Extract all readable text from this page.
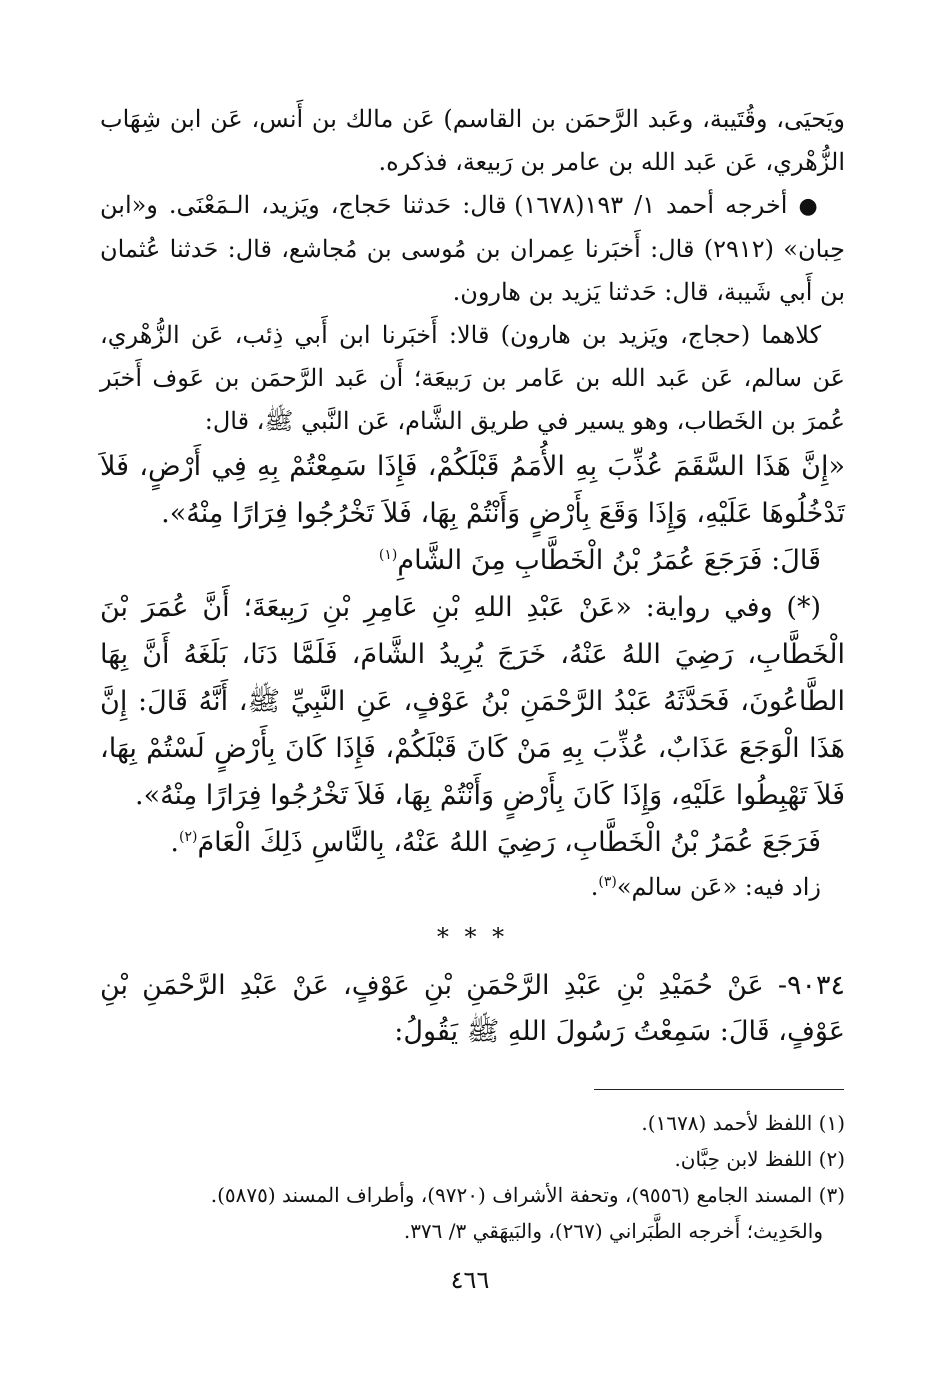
ويَحيَى، وقُتَيبة، وعَبد الرَّحمَن بن القاسم) عَن مالك بن أَنس، عَن ابن شِهَاب الزُّهْري، عَن عَبد الله بن عامر بن رَبيعة، فذكره.

● أخرجه أحمد ١/ ١٩٣(١٦٧٨) قال: حَدثنا حَجاج، ويَزيد، الـمَعْنَى. و«ابن حِبان» (٢٩١٢) قال: أَخبَرنا عِمران بن مُوسى بن مُجاشع، قال: حَدثنا عُثمان بن أَبي شَيبة، قال: حَدثنا يَزيد بن هارون.

كلاهما (حجاج، ويَزيد بن هارون) قالا: أَخبَرنا ابن أَبي ذِئب، عَن الزُّهْري، عَن سالم، عَن عَبد الله بن عَامر بن رَبيعَة؛ أَن عَبد الرَّحمَن بن عَوف أَخبَر عُمرَ بن الخَطاب، وهو يسير في طريق الشَّام، عَن النَّبي ﷺ، قال:

«إِنَّ هَذَا السَّقَمَ عُذِّبَ بِهِ الأُمَمُ قَبْلَكُمْ، فَإِذَا سَمِعْتُمْ بِهِ فِي أَرْضٍ، فَلاَ تَدْخُلُوهَا عَلَيْهِ، وَإِذَا وَقَعَ بِأَرْضٍ وَأَنْتُمْ بِهَا، فَلاَ تَخْرُجُوا فِرَارًا مِنْهُ».

قَالَ: فَرَجَعَ عُمَرُ بْنُ الْخَطَّابِ مِنَ الشَّامِ$^{(١)}$

(*) وفي رواية: «عَنْ عَبْدِ اللهِ بْنِ عَامِرِ بْنِ رَبِيعَةَ؛ أَنَّ عُمَرَ بْنَ الْخَطَّابِ، رَضِيَ اللهُ عَنْهُ، خَرَجَ يُرِيدُ الشَّامَ، فَلَمَّا دَنَا، بَلَغَهُ أَنَّ بِهَا الطَّاعُونَ، فَحَدَّثَهُ عَبْدُ الرَّحْمَنِ بْنُ عَوْفٍ، عَنِ النَّبِيِّ ﷺ، أَنَّهُ قَالَ: إِنَّ هَذَا الْوَجَعَ عَذَابٌ، عُذِّبَ بِهِ مَنْ كَانَ قَبْلَكُمْ، فَإِذَا كَانَ بِأَرْضٍ لَسْتُمْ بِهَا، فَلاَ تَهْبِطُوا عَلَيْهِ، وَإِذَا كَانَ بِأَرْضٍ وَأَنْتُمْ بِهَا، فَلاَ تَخْرُجُوا فِرَارًا مِنْهُ».

فَرَجَعَ عُمَرُ بْنُ الْخَطَّابِ، رَضِيَ اللهُ عَنْهُ، بِالنَّاسِ ذَلِكَ الْعَامَ$^{(٢)}$.

زاد فيه: «عَن سالم»$^{(٣)}$.

* * *

٩٠٣٤- عَنْ حُمَيْدِ بْنِ عَبْدِ الرَّحْمَنِ بْنِ عَوْفٍ، عَنْ عَبْدِ الرَّحْمَنِ بْنِ عَوْفٍ، قَالَ: سَمِعْتُ رَسُولَ اللهِ ﷺ يَقُولُ:

(١) اللفظ لأحمد (١٦٧٨).

(٢) اللفظ لابن حِبَّان.

(٣) المسند الجامع (٩٥٥٦)، وتحفة الأشراف (٩٧٢٠)، وأطراف المسند (٥٨٧٥).

والحَدِيث؛ أَخرجه الطَّبَراني (٢٦٧)، والبَيهَقي ٣/ ٣٧٦.

٤٦٦
